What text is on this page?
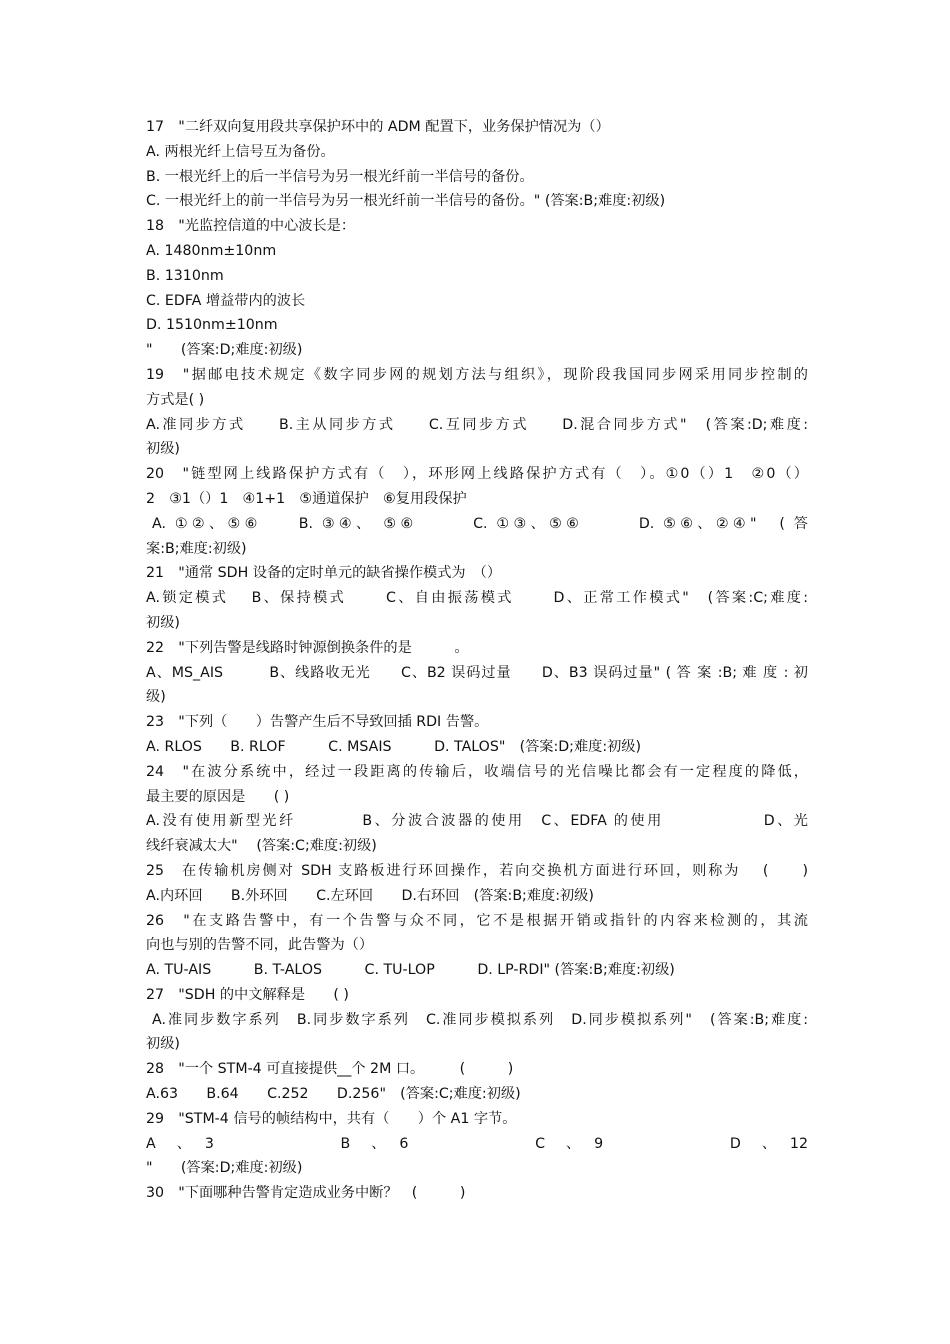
17　"二纤双向复用段共享保护环中的 ADM 配置下，业务保护情况为（）
A. 两根光纤上信号互为备份。
B. 一根光纤上的后一半信号为另一根光纤前一半信号的备份。
C. 一根光纤上的前一半信号为另一根光纤前一半信号的备份。" (答案:B;难度:初级)
18　"光监控信道的中心波长是：
A. 1480nm±10nm
B. 1310nm
C. EDFA 增益带内的波长
D. 1510nm±10nm
"　　(答案:D;难度:初级)
19　"据邮电技术规定《数字同步网的规划方法与组织》，现阶段我国同步网采用同步控制的
方式是( )
A.准同步方式　　B.主从同步方式　　C.互同步方式　　D.混合同步方式"　(答案:D;难度:
初级)
20　"链型网上线路保护方式有（　），环形网上线路保护方式有（　）。①0（）1　②0（）
2　③1（）1　④1+1　⑤通道保护　⑥复用段保护
A. ①②、⑤⑥　　B. ③④、 ⑤⑥　　　C. ①③、⑤⑥　　　D. ⑤⑥、②④"　( 答
案:B;难度:初级)
21　"通常 SDH 设备的定时单元的缺省操作模式为　（）
A.锁定模式　 B、保持模式　　 C、自由振荡模式　　 D、正常工作模式"　(答案:C;难度:
初级)
22　"下列告警是线路时钟源倒换条件的是　　　。
A、MS_AIS　　　B、线路收无光　　C、B2 误码过量　　D、B3 误码过量" ( 答 案 :B; 难 度 : 初
级)
23　"下列（　　）告警产生后不导致回插 RDI 告警。
A. RLOS　　B. RLOF　　　C. MSAIS　　　D. TALOS"　(答案:D;难度:初级)
24　"在波分系统中，经过一段距离的传输后，收端信号的光信噪比都会有一定程度的降低，
最主要的原因是　　( )
A.没有使用新型光纤　　　　B、分波合波器的使用　C、EDFA 的使用　　　　　　D、光
线纤衰减太大"　 (答案:C;难度:初级)
25　在传输机房侧对 SDH 支路板进行环回操作，若向交换机方面进行环回，则称为　 (　　)
A.内环回　　B.外环回　　C.左环回　　D.右环回　(答案:B;难度:初级)
26　"在支路告警中，有一个告警与众不同，它不是根据开销或指针的内容来检测的，其流
向也与别的告警不同，此告警为（）
A. TU-AIS　　　B. T-ALOS　　　C. TU-LOP　　　D. LP-RDI" (答案:B;难度:初级)
27　"SDH 的中文解释是　　( )
A.准同步数字系列　B.同步数字系列　C.准同步模拟系列　D.同步模拟系列"　(答案:B;难度:
初级)
28　"一个 STM-4 可直接提供__个 2M 口。　　　(　　　)
A.63　　B.64　　C.252　　D.256"　(答案:C;难度:初级)
29　"STM-4 信号的帧结构中，共有（　　）个 A1 字节。
A　、　3　　　　　　　B　、　6　　　　　　　C　、　9　　　　　　　D　、　12
"　　(答案:D;难度:初级)
30　"下面哪种告警肯定造成业务中断？　(　　　)
